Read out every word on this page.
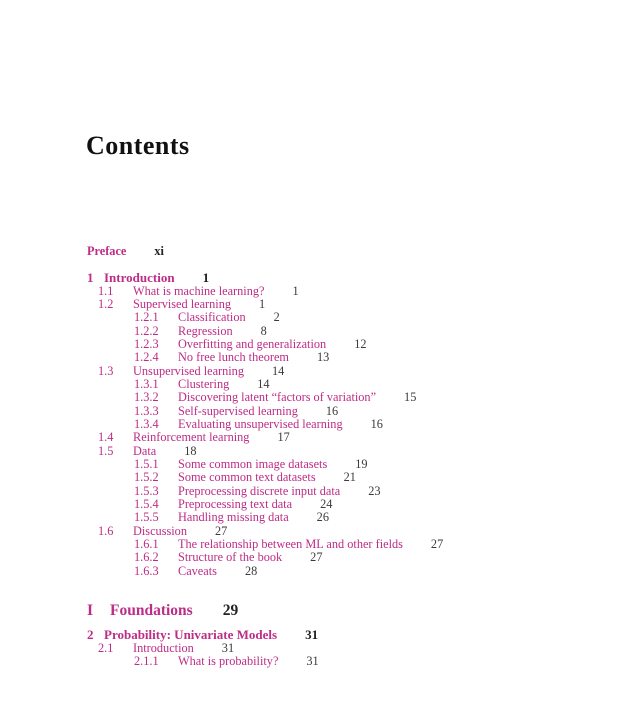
Contents
Preface xi
1 Introduction 1
1.1 What is machine learning? 1
1.2 Supervised learning 1
1.2.1 Classification 2
1.2.2 Regression 8
1.2.3 Overfitting and generalization 12
1.2.4 No free lunch theorem 13
1.3 Unsupervised learning 14
1.3.1 Clustering 14
1.3.2 Discovering latent “factors of variation” 15
1.3.3 Self-supervised learning 16
1.3.4 Evaluating unsupervised learning 16
1.4 Reinforcement learning 17
1.5 Data 18
1.5.1 Some common image datasets 19
1.5.2 Some common text datasets 21
1.5.3 Preprocessing discrete input data 23
1.5.4 Preprocessing text data 24
1.5.5 Handling missing data 26
1.6 Discussion 27
1.6.1 The relationship between ML and other fields 27
1.6.2 Structure of the book 27
1.6.3 Caveats 28
I Foundations 29
2 Probability: Univariate Models 31
2.1 Introduction 31
2.1.1 What is probability? 31
